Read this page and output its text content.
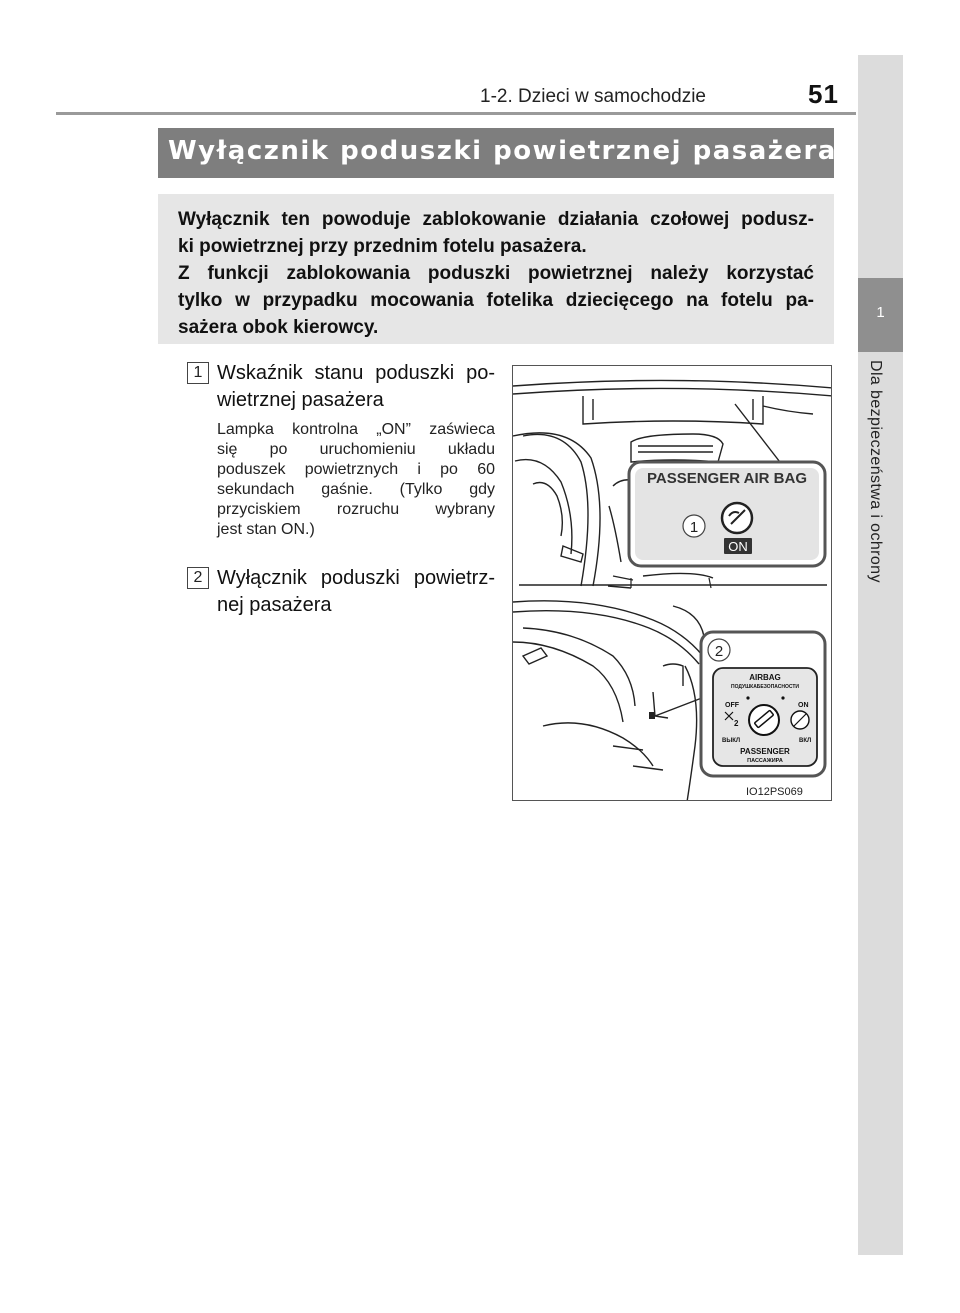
1-2. Dzieci w samochodzie	51
1
Dla bezpieczeństwa i ochrony
Wyłącznik poduszki powietrznej pasażera
Wyłącznik ten powoduje zablokowanie działania czołowej podusz-
ki powietrznej przy przednim fotelu pasażera.
Z funkcji zablokowania poduszki powietrznej należy korzystać
tylko w przypadku mocowania fotelika dziecięcego na fotelu pa-
sażera obok kierowcy.
1 Wskaźnik stanu poduszki po-
wietrznej pasażera
Lampka kontrolna „ON” zaświeca
się po uruchomieniu układu
poduszek powietrznych i po 60
sekundach gaśnie. (Tylko gdy
przyciskiem rozruchu wybrany
jest stan ON.)
2 Wyłącznik poduszki powietrz-
nej pasażera
PASSENGER AIR BAG
1
ON
2
AIRBAG
ПОДУШКАБЕЗОПАСНОСТИ
OFF	ON
2
ВЫКЛ	ВКЛ
PASSENGER
ПАССАЖИРА
IO12PS069
